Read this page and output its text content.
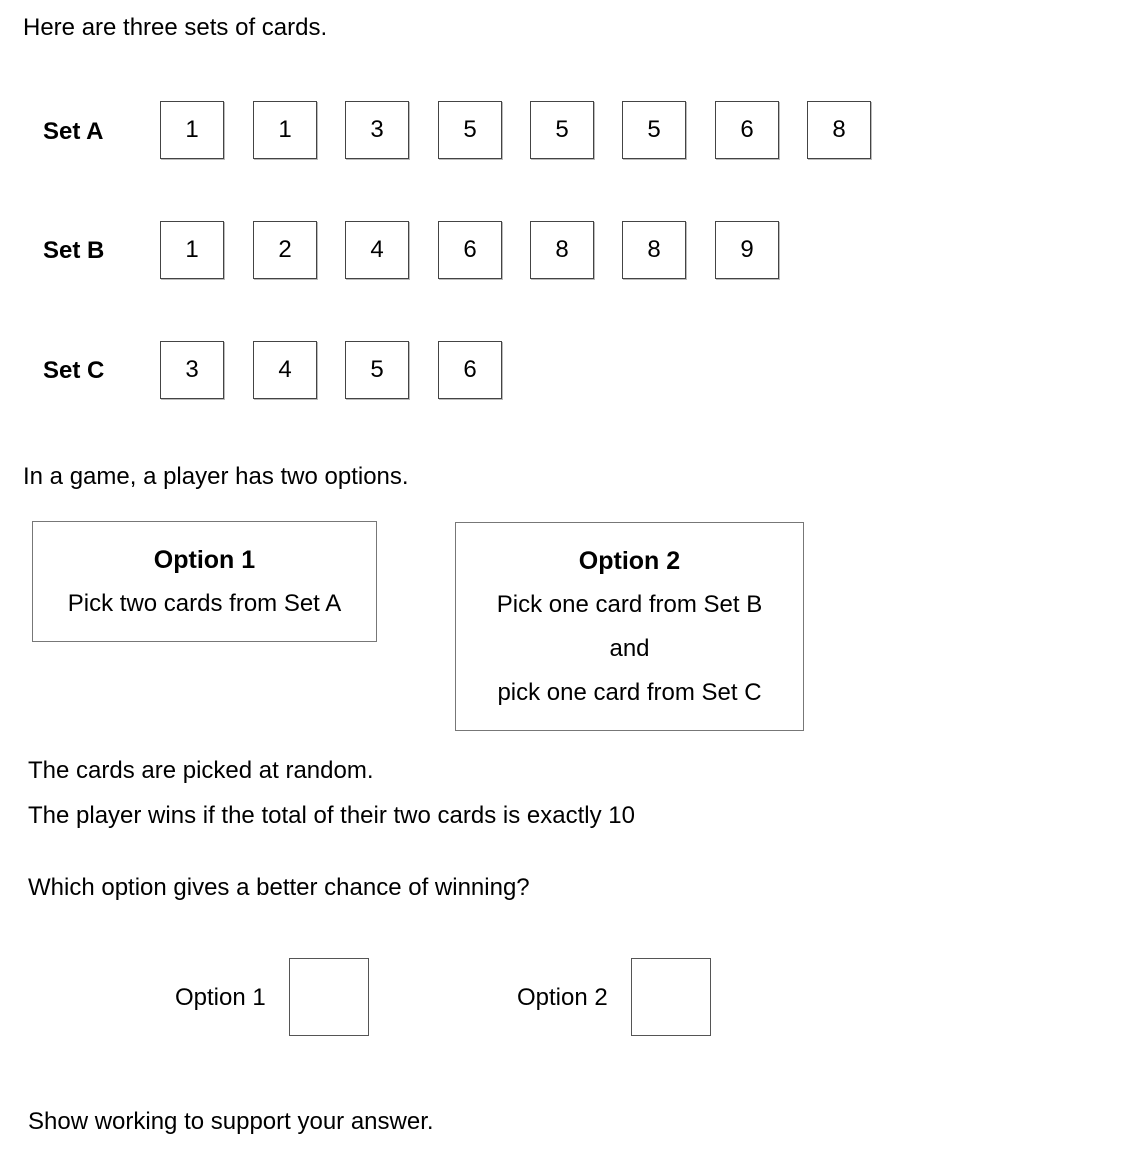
Here are three sets of cards.
Set A	1	1	3	5	5	5	6	8
Set B	1	2	4	6	8	8	9
Set C	3	4	5	6
In a game, a player has two options.
Option 1
Pick two cards from Set A
Option 2
Pick one card from Set B
and
pick one card from Set C
The cards are picked at random.
The player wins if the total of their two cards is exactly 10
Which option gives a better chance of winning?
Option 1	Option 2
Show working to support your answer.
